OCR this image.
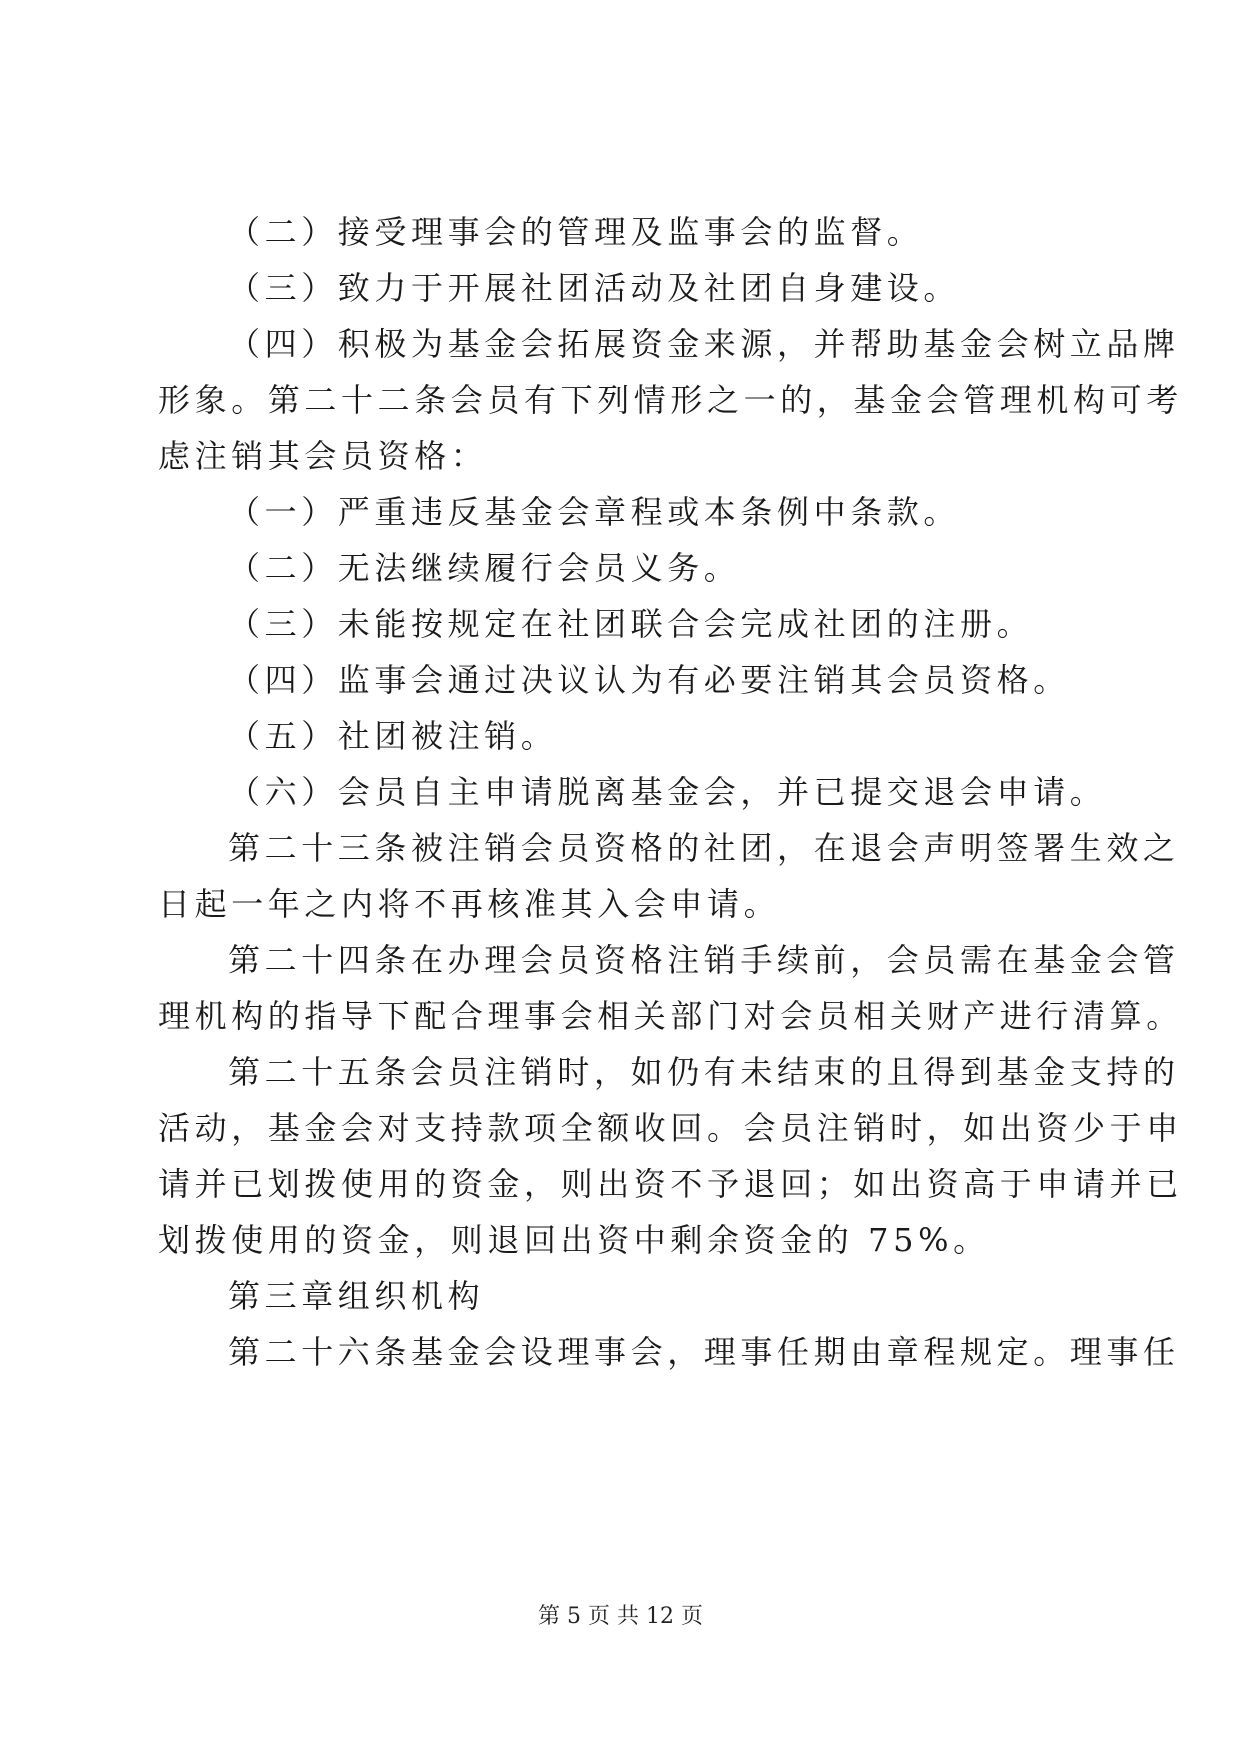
（二）接受理事会的管理及监事会的监督。
（三）致力于开展社团活动及社团自身建设。
（四）积极为基金会拓展资金来源，并帮助基金会树立品牌
形象。第二十二条会员有下列情形之一的，基金会管理机构可考
虑注销其会员资格：
（一）严重违反基金会章程或本条例中条款。
（二）无法继续履行会员义务。
（三）未能按规定在社团联合会完成社团的注册。
（四）监事会通过决议认为有必要注销其会员资格。
（五）社团被注销。
（六）会员自主申请脱离基金会，并已提交退会申请。
第二十三条被注销会员资格的社团，在退会声明签署生效之
日起一年之内将不再核准其入会申请。
第二十四条在办理会员资格注销手续前，会员需在基金会管
理机构的指导下配合理事会相关部门对会员相关财产进行清算。
第二十五条会员注销时，如仍有未结束的且得到基金支持的
活动，基金会对支持款项全额收回。会员注销时，如出资少于申
请并已划拨使用的资金，则出资不予退回；如出资高于申请并已
划拨使用的资金，则退回出资中剩余资金的 75%。
第三章组织机构
第二十六条基金会设理事会，理事任期由章程规定。理事任
第 5 页 共 12 页
